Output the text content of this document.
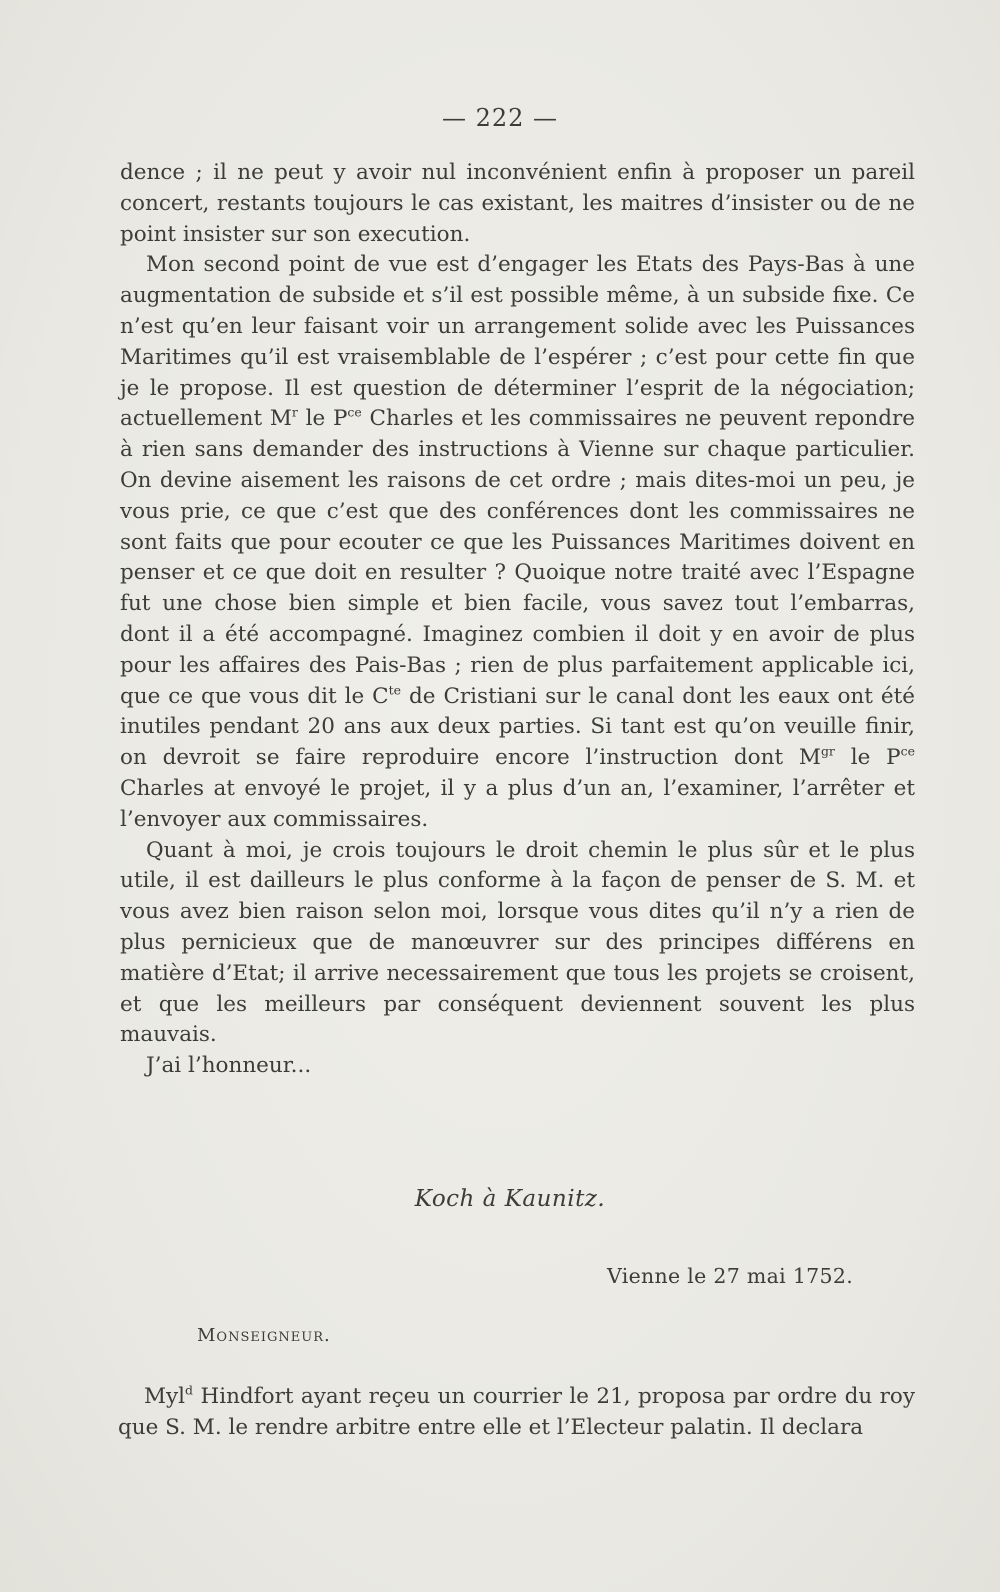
— 222 —

dence ; il ne peut y avoir nul inconvénient enfin à proposer un pareil concert, restants toujours le cas existant, les maitres d’insister ou de ne point insister sur son execution.

Mon second point de vue est d’engager les Etats des Pays-Bas à une augmentation de subside et s’il est possible même, à un subside fixe. Ce n’est qu’en leur faisant voir un arrangement solide avec les Puissances Maritimes qu’il est vraisemblable de l’espérer ; c’est pour cette fin que je le propose. Il est question de déterminer l’esprit de la négociation; actuellement $M^r$ le $P^{ce}$ Charles et les commissaires ne peuvent repondre à rien sans demander des instructions à Vienne sur chaque particulier. On devine aisement les raisons de cet ordre ; mais dites-moi un peu, je vous prie, ce que c’est que des conférences dont les commissaires ne sont faits que pour ecouter ce que les Puissances Maritimes doivent en penser et ce que doit en resulter ? Quoique notre traité avec l’Espagne fut une chose bien simple et bien facile, vous savez tout l’embarras, dont il a été accompagné. Imaginez combien il doit y en avoir de plus pour les affaires des Pais-Bas ; rien de plus parfaitement applicable ici, que ce que vous dit le $C^{te}$ de Cristiani sur le canal dont les eaux ont été inutiles pendant 20 ans aux deux parties. Si tant est qu’on veuille finir, on devroit se faire reproduire encore l’instruction dont $M^{gr}$ le $P^{ce}$ Charles at envoyé le projet, il y a plus d’un an, l’examiner, l’arrêter et l’envoyer aux commissaires.

Quant à moi, je crois toujours le droit chemin le plus sûr et le plus utile, il est dailleurs le plus conforme à la façon de penser de S. M. et vous avez bien raison selon moi, lorsque vous dites qu’il n’y a rien de plus pernicieux que de manœuvrer sur des principes différens en matière d’Etat; il arrive necessairement que tous les projets se croisent, et que les meilleurs par conséquent deviennent souvent les plus mauvais.

J’ai l’honneur...

Koch à Kaunitz.
Vienne le 27 mai 1752.
Monseigneur.

Myl$^d$ Hindfort ayant reçeu un courrier le 21, proposa par ordre du roy que S. M. le rendre arbitre entre elle et l’Electeur palatin. Il declara
